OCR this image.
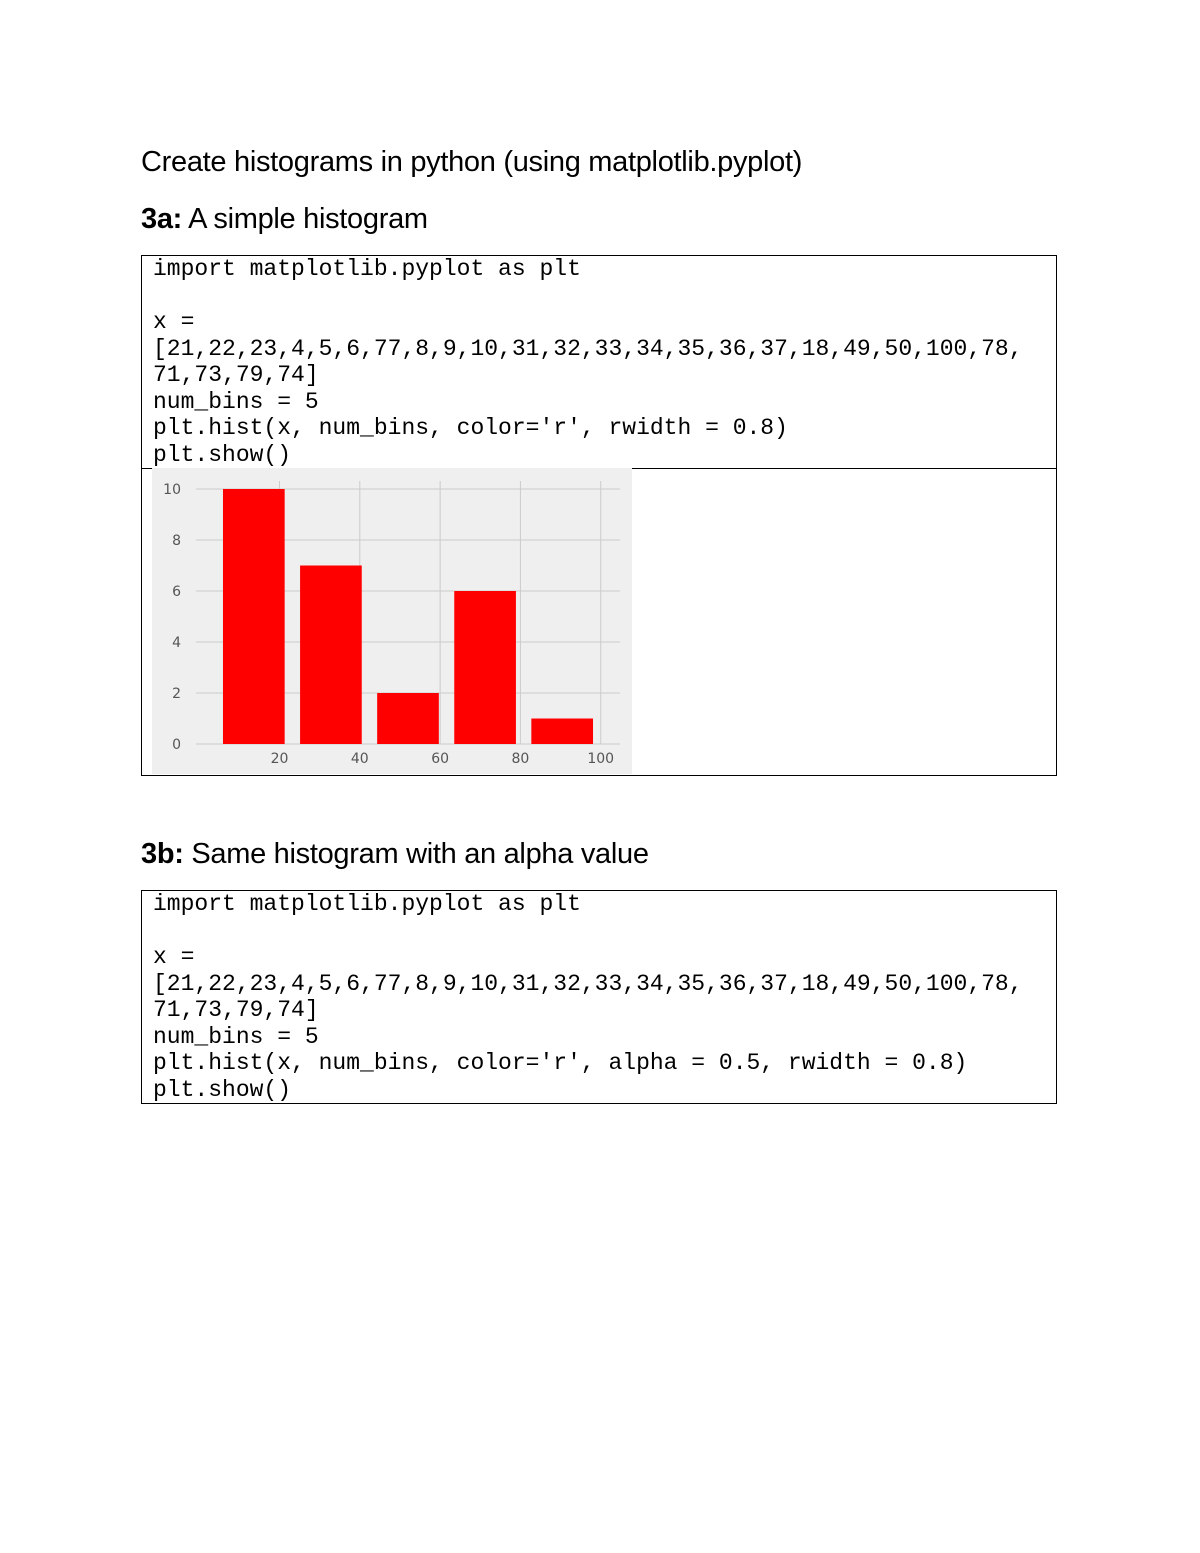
Create histograms in python (using matplotlib.pyplot)
3a: A simple histogram
import matplotlib.pyplot as plt
x =
[21,22,23,4,5,6,77,8,9,10,31,32,33,34,35,36,37,18,49,50,100,78,
71,73,79,74]
num_bins = 5
plt.hist(x, num_bins, color='r', rwidth = 0.8)
plt.show()
0
2
4
6
8
10
20	40	60	80	100
3b: Same histogram with an alpha value
import matplotlib.pyplot as plt
x =
[21,22,23,4,5,6,77,8,9,10,31,32,33,34,35,36,37,18,49,50,100,78,
71,73,79,74]
num_bins = 5
plt.hist(x, num_bins, color='r', alpha = 0.5, rwidth = 0.8)
plt.show()
